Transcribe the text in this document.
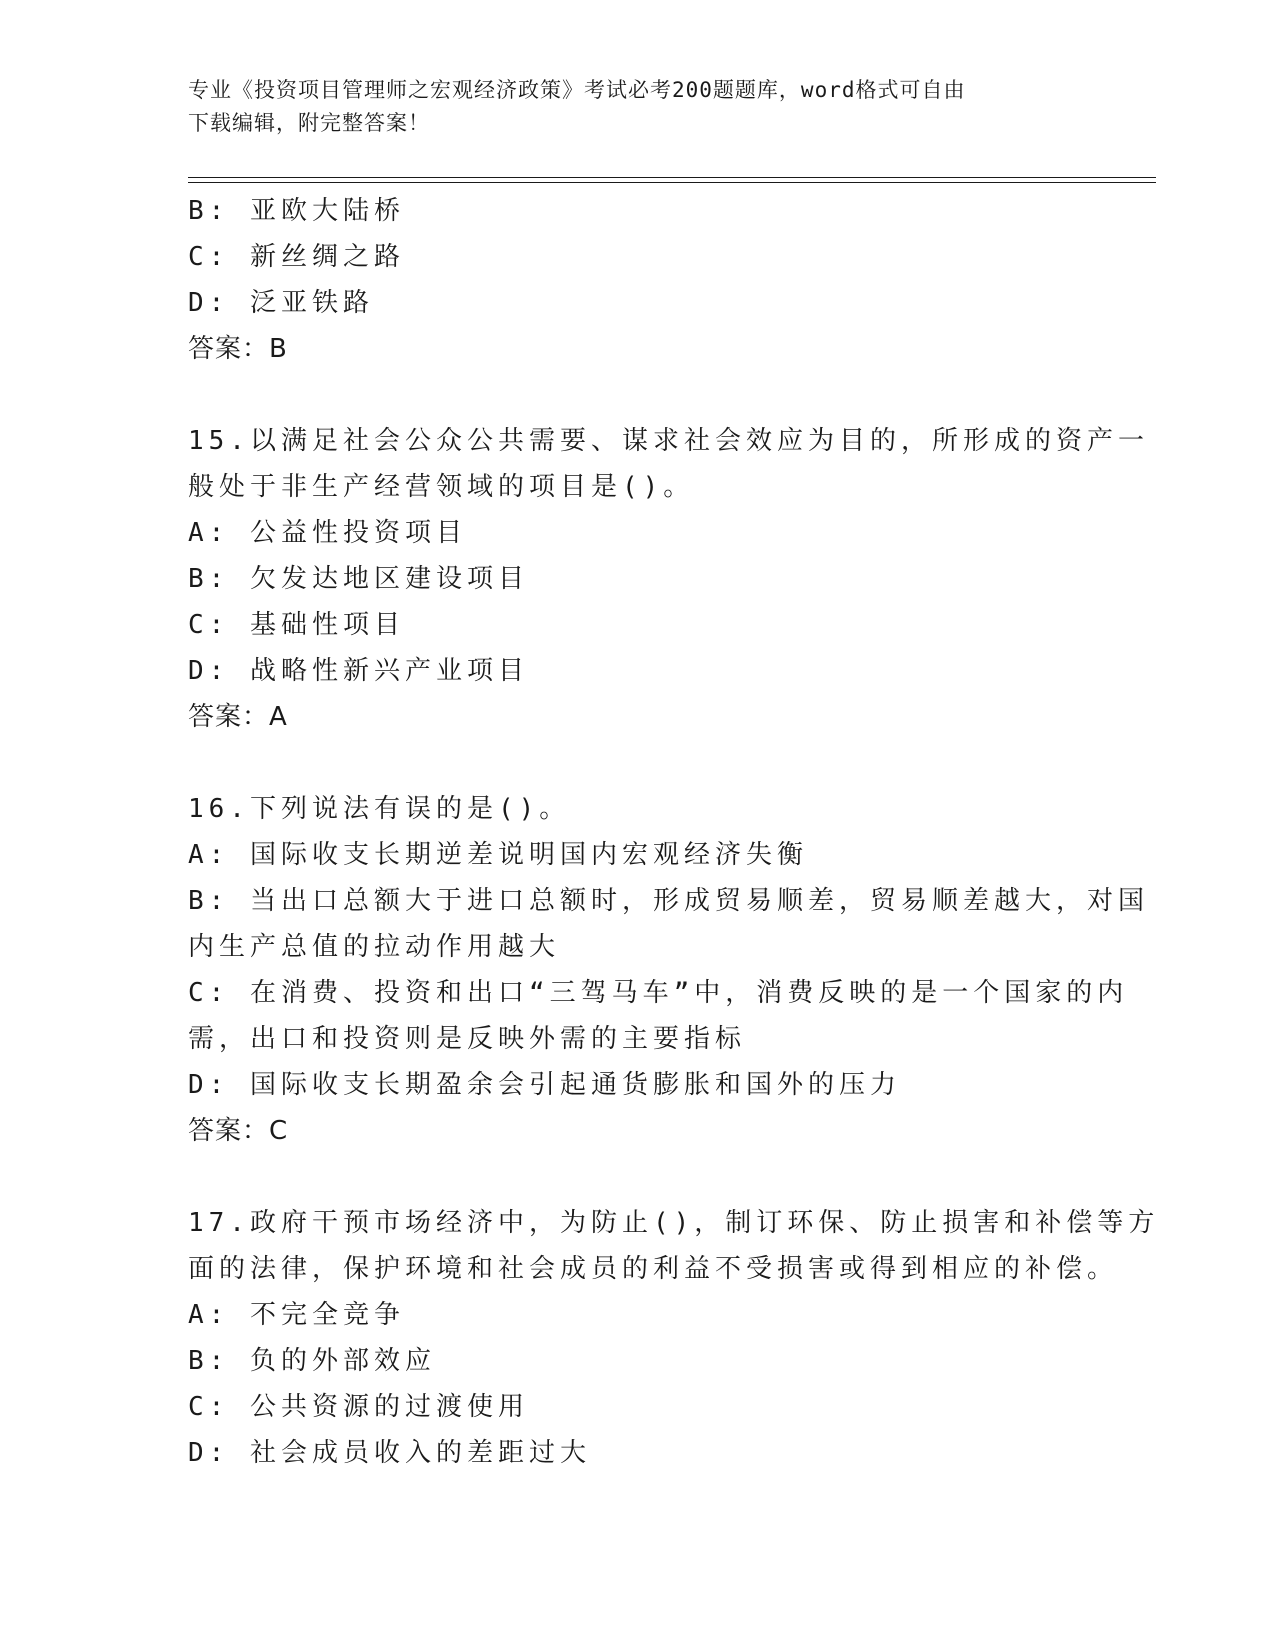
专业《投资项目管理师之宏观经济政策》考试必考200题题库，word格式可自由
下载编辑，附完整答案！
B: 亚欧大陆桥
C: 新丝绸之路
D: 泛亚铁路
答案：B
15.以满足社会公众公共需要、谋求社会效应为目的，所形成的资产一
般处于非生产经营领域的项目是()。
A: 公益性投资项目
B: 欠发达地区建设项目
C: 基础性项目
D: 战略性新兴产业项目
答案：A
16.下列说法有误的是()。
A: 国际收支长期逆差说明国内宏观经济失衡
B: 当出口总额大于进口总额时，形成贸易顺差，贸易顺差越大，对国
内生产总值的拉动作用越大
C: 在消费、投资和出口“三驾马车”中，消费反映的是一个国家的内
需，出口和投资则是反映外需的主要指标
D: 国际收支长期盈余会引起通货膨胀和国外的压力
答案：C
17.政府干预市场经济中，为防止()，制订环保、防止损害和补偿等方
面的法律，保护环境和社会成员的利益不受损害或得到相应的补偿。
A: 不完全竞争
B: 负的外部效应
C: 公共资源的过渡使用
D: 社会成员收入的差距过大
